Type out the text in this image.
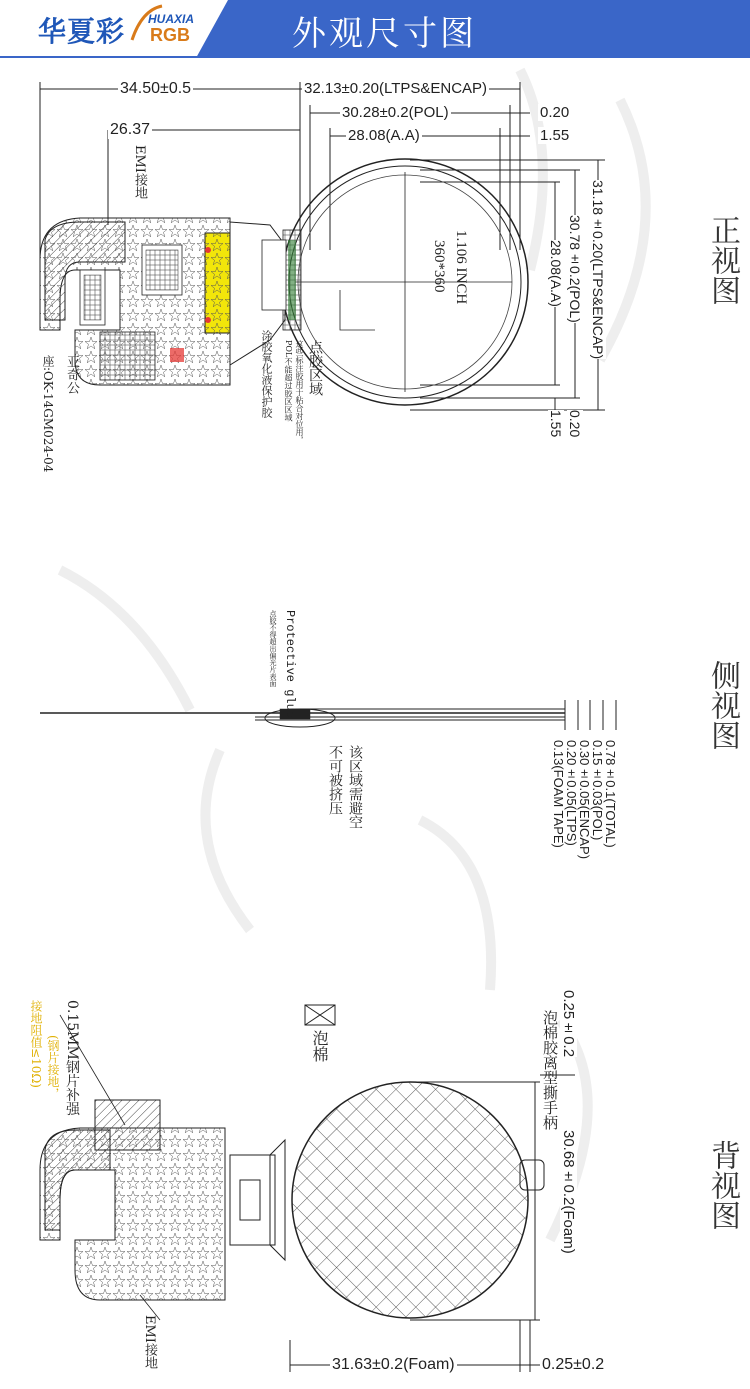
华夏彩 HUAXIA
RGB	外观尺寸图
34.50±0.5
26.37
32.13±0.20(LTPS&ENCAP)
30.28±0.2(POL)	0.20
28.08(A.A)	1.55
31.18±0.20(LTPS&ENCAP)
30.78±0.2(POL)
28.08(A.A)
0.20
1.55
1.106 INCH
360*360
EMI接地
点胶区域
这些标注胶用于粘合对位用，POL不能超过胶区区域
涂胶氧化液保护胶
亚奇公
座:OK-14GM024-04
Protective glue
点胶不得超出偏光片表面
该区域需避空
不可被挤压	0.78±0.1(TOTAL)
0.15±0.03(POL)
0.30±0.05(ENCAP)
0.20±0.05(LTPS)
0.13(FOAM TAPE)
0.25±0.2
泡棉胶离型撕手柄
30.68±0.2(Foam)
31.63±0.2(Foam)	0.25±0.2
泡棉
0.15MM钢片补强
(钢片接地，
接地阻值≤10Ω)
EMI接地
正视图
侧视图
背视图
